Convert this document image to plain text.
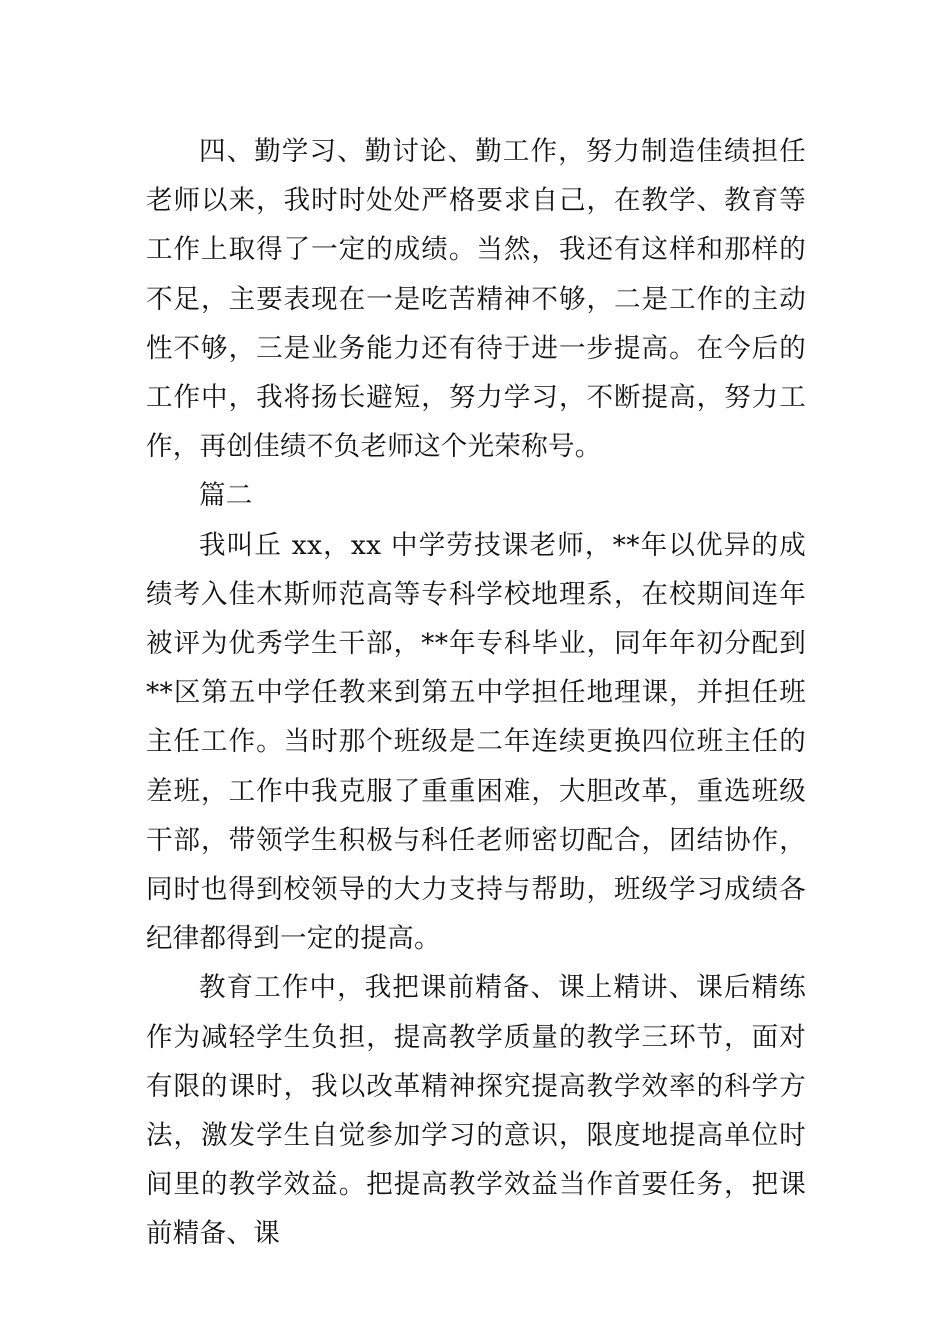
四、勤学习、勤讨论、勤工作，努力制造佳绩担任老师以来，我时时处处严格要求自己，在教学、教育等工作上取得了一定的成绩。当然，我还有这样和那样的不足，主要表现在一是吃苦精神不够，二是工作的主动性不够，三是业务能力还有待于进一步提高。在今后的工作中，我将扬长避短，努力学习，不断提高，努力工作，再创佳绩不负老师这个光荣称号。

篇二

我叫丘 xx，xx 中学劳技课老师，**年以优异的成绩考入佳木斯师范高等专科学校地理系，在校期间连年被评为优秀学生干部，**年专科毕业，同年年初分配到**区第五中学任教来到第五中学担任地理课，并担任班主任工作。当时那个班级是二年连续更换四位班主任的差班，工作中我克服了重重困难，大胆改革，重选班级干部，带领学生积极与科任老师密切配合，团结协作，同时也得到校领导的大力支持与帮助，班级学习成绩各纪律都得到一定的提高。

教育工作中，我把课前精备、课上精讲、课后精练作为减轻学生负担，提高教学质量的教学三环节，面对有限的课时，我以改革精神探究提高教学效率的科学方法，激发学生自觉参加学习的意识，限度地提高单位时间里的教学效益。把提高教学效益当作首要任务，把课前精备、课
